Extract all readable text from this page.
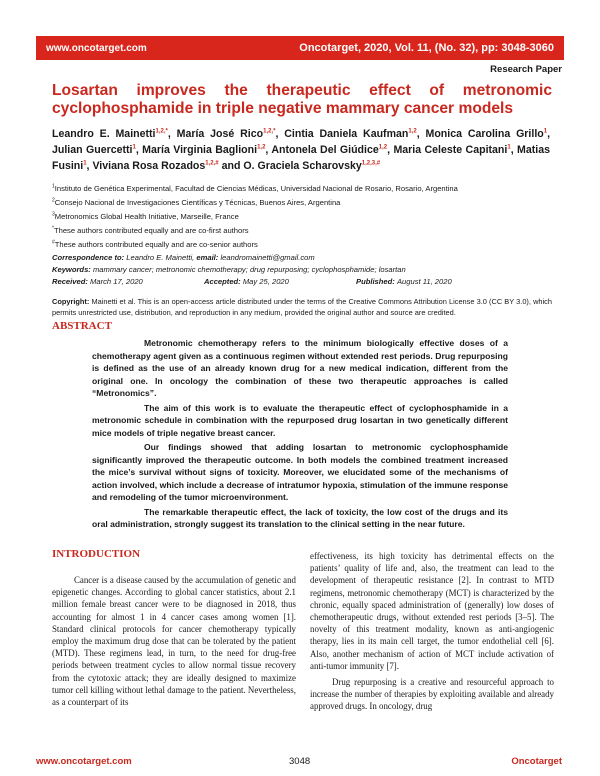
www.oncotarget.com	Oncotarget, 2020, Vol. 11, (No. 32), pp: 3048-3060
Research Paper
Losartan improves the therapeutic effect of metronomic cyclophosphamide in triple negative mammary cancer models
Leandro E. Mainetti$^{1,2,*}$, María José Rico$^{1,2,*}$, Cintia Daniela Kaufman$^{1,2}$, Monica Carolina Grillo$^1$, Julian Guercetti$^1$, María Virginia Baglioni$^{1,2}$, Antonela Del Giúdice$^{1,2}$, Maria Celeste Capitani$^1$, Matias Fusini$^1$, Viviana Rosa Rozados$^{1,2,\#}$ and O. Graciela Scharovsky$^{1,2,3,\#}$
$^1$Instituto de Genética Experimental, Facultad de Ciencias Médicas, Universidad Nacional de Rosario, Rosario, Argentina
$^2$Consejo Nacional de Investigaciones Científicas y Técnicas, Buenos Aires, Argentina
$^3$Metronomics Global Health Initiative, Marseille, France
*These authors contributed equally and are co-first authors
#These authors contributed equally and are co-senior authors
Correspondence to: Leandro E. Mainetti, email: leandromainetti@gmail.com
Keywords: mammary cancer; metronomic chemotherapy; drug repurposing; cyclophosphamide; losartan
Received: March 17, 2020	Accepted: May 25, 2020	Published: August 11, 2020
Copyright: Mainetti et al. This is an open-access article distributed under the terms of the Creative Commons Attribution License 3.0 (CC BY 3.0), which permits unrestricted use, distribution, and reproduction in any medium, provided the original author and source are credited.
ABSTRACT

Metronomic chemotherapy refers to the minimum biologically effective doses of a chemotherapy agent given as a continuous regimen without extended rest periods. Drug repurposing is defined as the use of an already known drug for a new medical indication, different from the original one. In oncology the combination of these two therapeutic approaches is called “Metronomics”.

The aim of this work is to evaluate the therapeutic effect of cyclophosphamide in a metronomic schedule in combination with the repurposed drug losartan in two genetically different mice models of triple negative breast cancer.

Our findings showed that adding losartan to metronomic cyclophosphamide significantly improved the therapeutic outcome. In both models the combined treatment increased the mice’s survival without signs of toxicity. Moreover, we elucidated some of the mechanisms of action involved, which include a decrease of intratumor hypoxia, stimulation of the immune response and remodeling of the tumor microenvironment.

The remarkable therapeutic effect, the lack of toxicity, the low cost of the drugs and its oral administration, strongly suggest its translation to the clinical setting in the near future.

INTRODUCTION

Cancer is a disease caused by the accumulation of genetic and epigenetic changes. According to global cancer statistics, about 2.1 million female breast cancer were to be diagnosed in 2018, thus accounting for almost 1 in 4 cancer cases among women [1]. Standard clinical protocols for cancer chemotherapy typically employ the maximum drug dose that can be tolerated by the patient (MTD). These regimens lead, in turn, to the need for drug-free periods between treatment cycles to allow normal tissue recovery from the cytotoxic attack; they are ideally designed to maximize tumor cell killing without lethal damage to the patient. Nevertheless, as a counterpart of its

effectiveness, its high toxicity has detrimental effects on the patients’ quality of life and, also, the treatment can lead to the development of therapeutic resistance [2]. In contrast to MTD regimens, metronomic chemotherapy (MCT) is characterized by the chronic, equally spaced administration of (generally) low doses of chemotherapeutic drugs, without extended rest periods [3–5]. The novelty of this treatment modality, known as anti-angiogenic therapy, lies in its main cell target, the tumor endothelial cell [6]. Also, another mechanism of action of MCT include activation of anti-tumor immunity [7].

Drug repurposing is a creative and resourceful approach to increase the number of therapies by exploiting available and already approved drugs. In oncology, drug

www.oncotarget.com	3048	Oncotarget
